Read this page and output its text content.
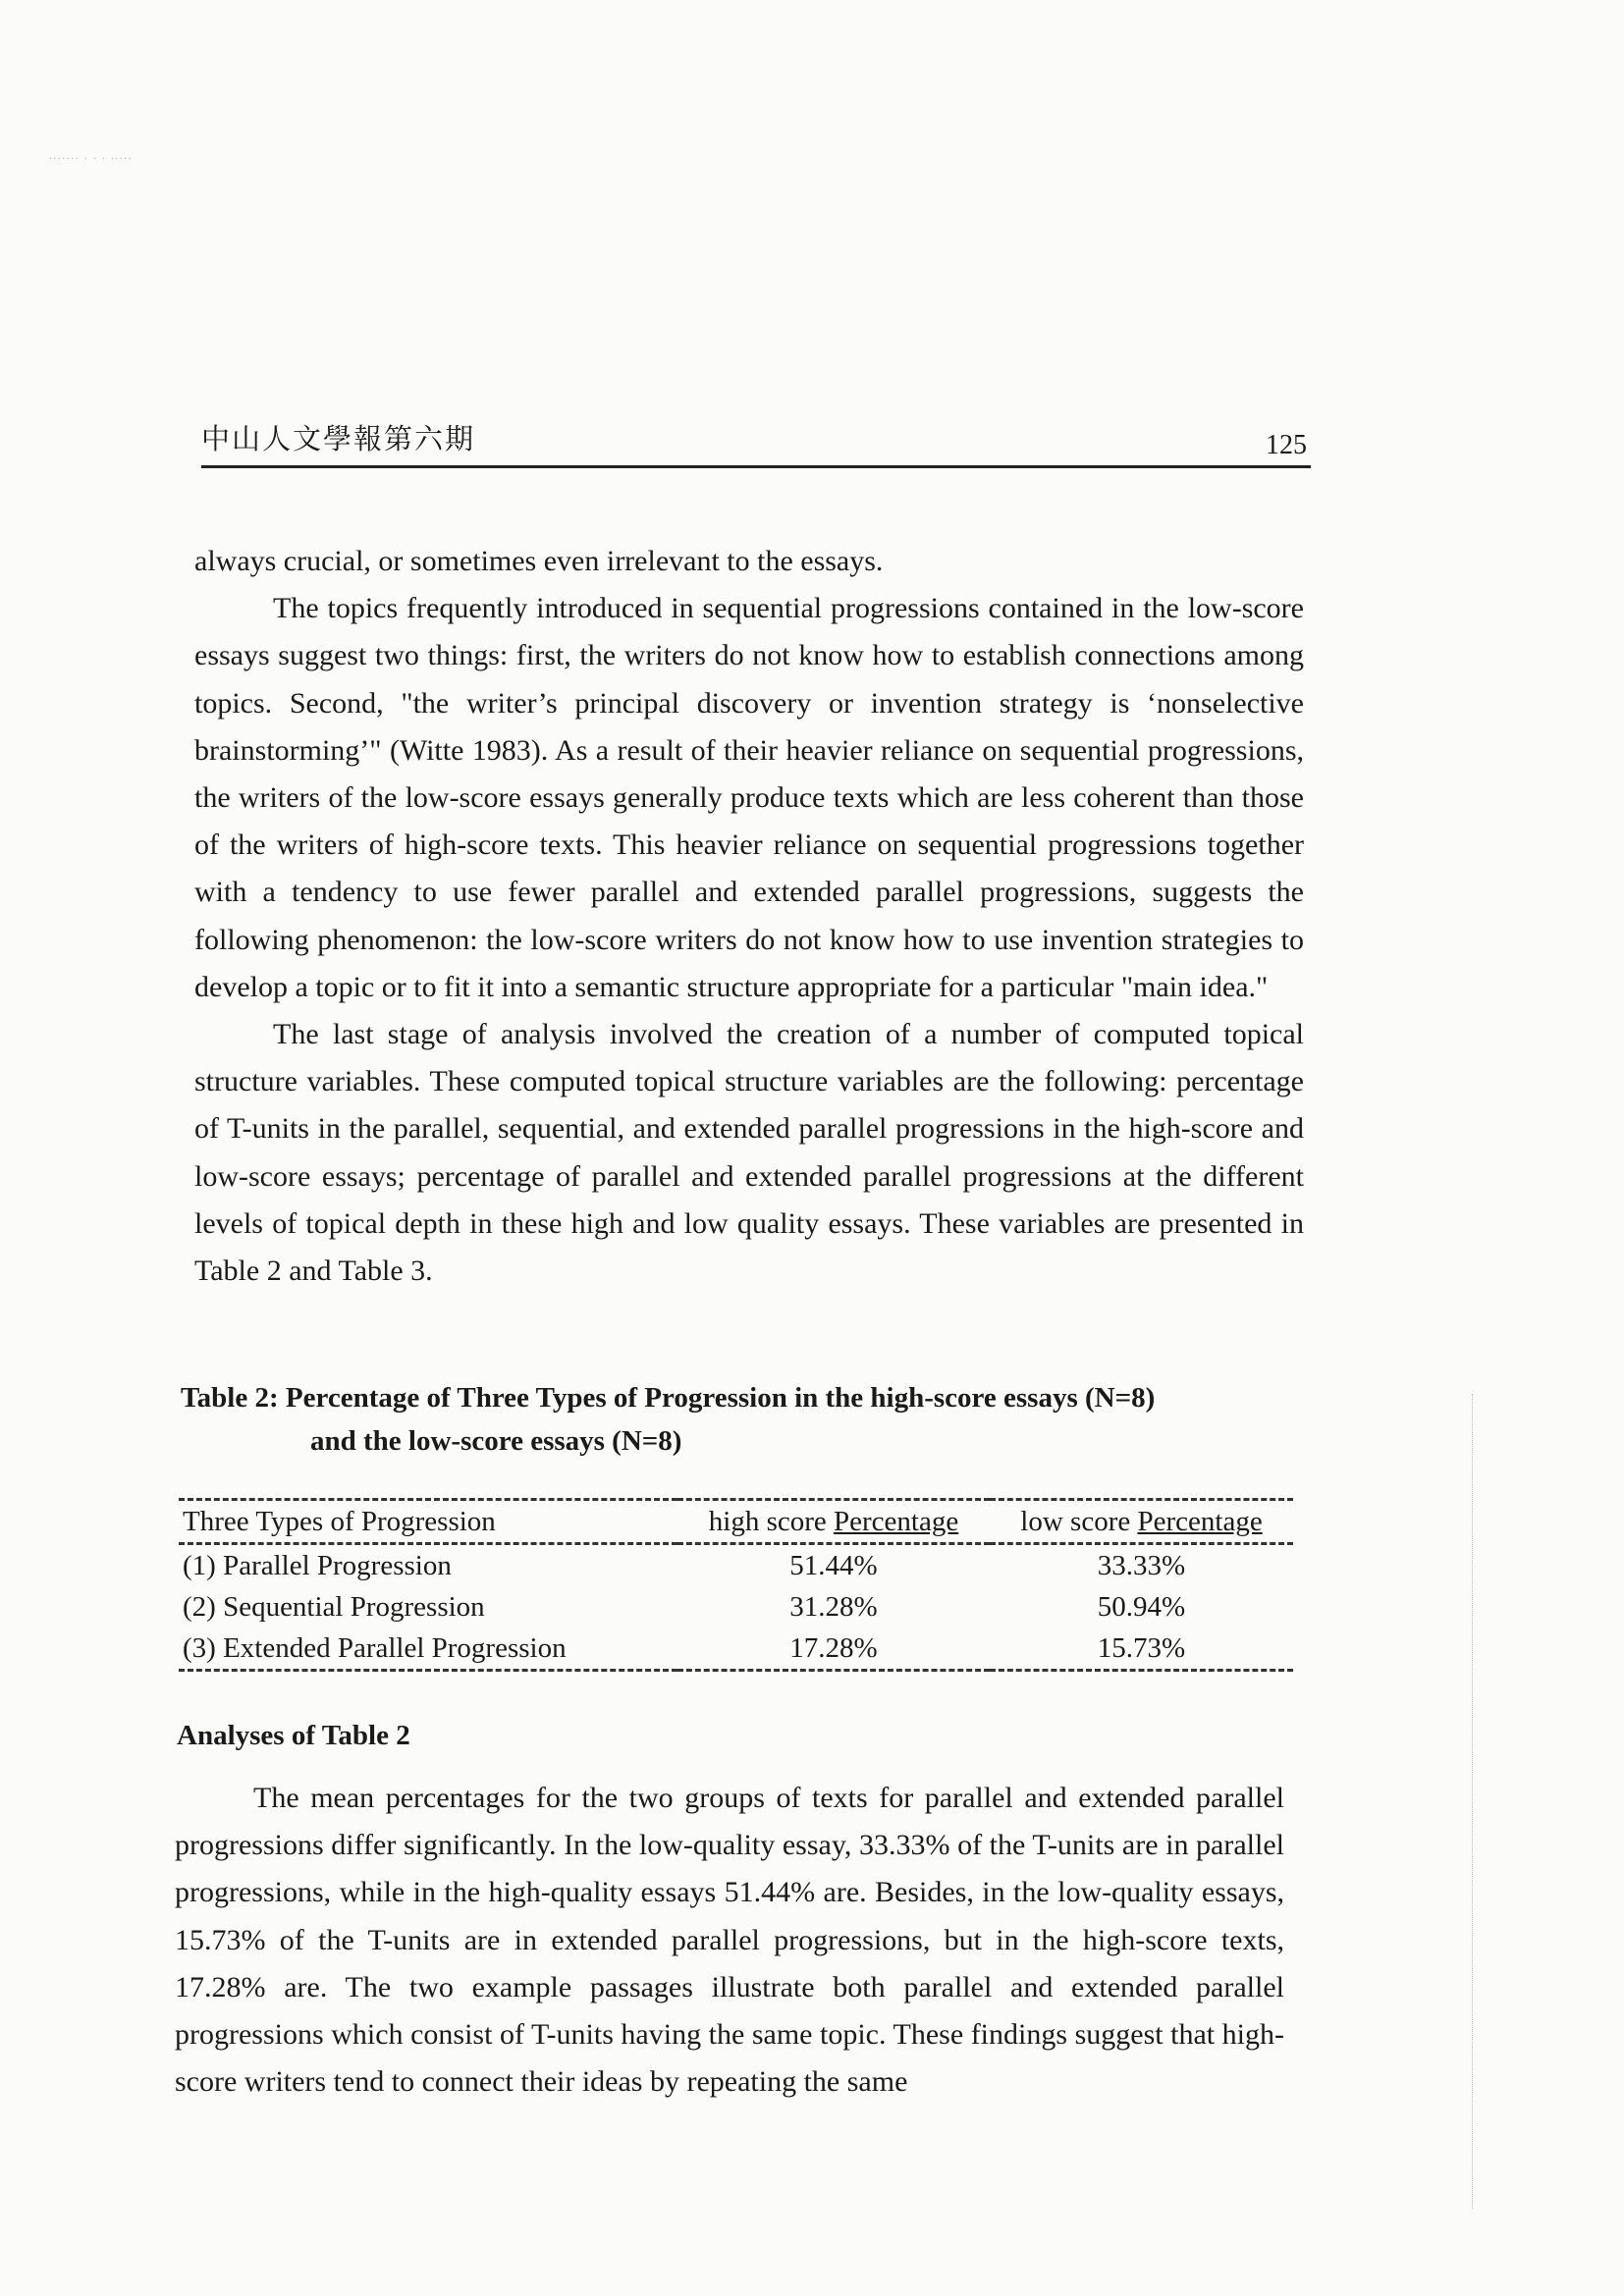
....... . . . .....
中山人文學報第六期	125

always crucial, or sometimes even irrelevant to the essays.

The topics frequently introduced in sequential progressions contained in the low-score essays suggest two things: first, the writers do not know how to establish connections among topics. Second, "the writer’s principal discovery or invention strategy is ‘nonselective brainstorming’" (Witte 1983). As a result of their heavier reliance on sequential progressions, the writers of the low-score essays generally produce texts which are less coherent than those of the writers of high-score texts. This heavier reliance on sequential progressions together with a tendency to use fewer parallel and extended parallel progressions, suggests the following phenomenon: the low-score writers do not know how to use invention strategies to develop a topic or to fit it into a semantic structure appropriate for a particular "main idea."

The last stage of analysis involved the creation of a number of computed topical structure variables. These computed topical structure variables are the following: percentage of T-units in the parallel, sequential, and extended parallel progressions in the high-score and low-score essays; percentage of parallel and extended parallel progressions at the different levels of topical depth in these high and low quality essays. These variables are presented in Table 2 and Table 3.

Table 2: Percentage of Three Types of Progression in the high-score essays (N=8)
and the low-score essays (N=8)
Three Types of Progression	high score Percentage	low score Percentage
(1) Parallel Progression	51.44%	33.33%
(2) Sequential Progression	31.28%	50.94%
(3) Extended Parallel Progression	17.28%	15.73%
Analyses of Table 2

The mean percentages for the two groups of texts for parallel and extended parallel progressions differ significantly. In the low-quality essay, 33.33% of the T-units are in parallel progressions, while in the high-quality essays 51.44% are. Besides, in the low-quality essays, 15.73% of the T-units are in extended parallel progressions, but in the high-score texts, 17.28% are. The two example passages illustrate both parallel and extended parallel progressions which consist of T-units having the same topic. These findings suggest that high-score writers tend to connect their ideas by repeating the same
